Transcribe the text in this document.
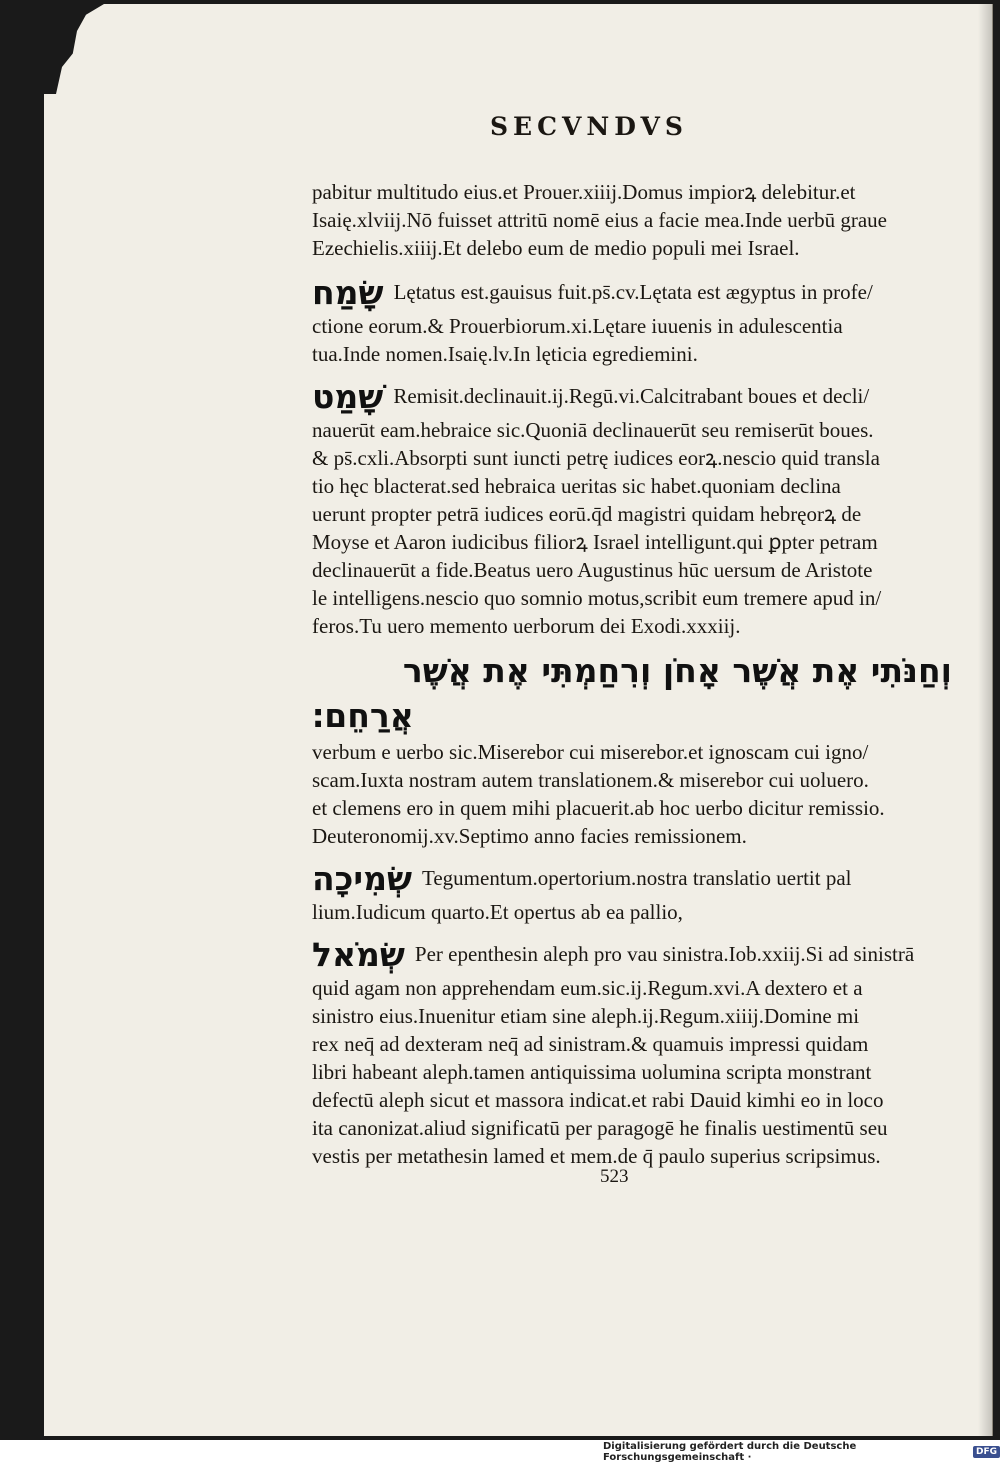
SECVNDVS
pabitur multitudo eius.et Prouer.xiiij.Domus impiorꝝ delebitur.et
Isaię.xlviij.Nō fuisset attritū nomē eius a facie mea.Inde uerbū graue
Ezechielis.xiiij.Et delebo eum de medio populi mei Israel.
שָׂמַח Lętatus est.gauisus fuit.ps̄.cv.Lętata est ægyptus in profe/
ctione eorum.& Prouerbiorum.xi.Lętare iuuenis in adulescentia
tua.Inde nomen.Isaię.lv.In lęticia egrediemini.
שָׁמַט Remisit.declinauit.ij.Regū.vi.Calcitrabant boues et decli/
nauerūt eam.hebraice sic.Quoniā declinauerūt seu remiserūt boues.
& ps̄.cxli.Absorpti sunt iuncti petrę iudices eorꝝ.nescio quid transla
tio hęc blacterat.sed hebraica ueritas sic habet.quoniam declina
uerunt propter petrā iudices eorū.q̄d magistri quidam hebręorꝝ de
Moyse et Aaron iudicibus filiorꝝ Israel intelligunt.qui ꝑpter petram
declinauerūt a fide.Beatus uero Augustinus hūc uersum de Aristote
le intelligens.nescio quo somnio motus,scribit eum tremere apud in/
feros.Tu uero memento uerborum dei Exodi.xxxiij.
וְחַנֹּתִי אֶת אֲשֶׁר אָחֹן וְרִחַמְתִּי אֶת אֲשֶׁר
אֲרַחֵם׃
verbum e uerbo sic.Miserebor cui miserebor.et ignoscam cui igno/
scam.Iuxta nostram autem translationem.& miserebor cui uoluero.
et clemens ero in quem mihi placuerit.ab hoc uerbo dicitur remissio.
Deuteronomij.xv.Septimo anno facies remissionem.
שְׂמִיכָה Tegumentum.opertorium.nostra translatio uertit pal
lium.Iudicum quarto.Et opertus ab ea pallio,
שְׂמֹאל Per epenthesin aleph pro vau sinistra.Iob.xxiij.Si ad sinistrā
quid agam non apprehendam eum.sic.ij.Regum.xvi.A dextero et a
sinistro eius.Inuenitur etiam sine aleph.ij.Regum.xiiij.Domine mi
rex neq̄ ad dexteram neq̄ ad sinistram.& quamuis impressi quidam
libri habeant aleph.tamen antiquissima uolumina scripta monstrant
defectū aleph sicut et massora indicat.et rabi Dauid kimhi eo in loco
ita canonizat.aliud significatū per paragogē he finalis uestimentū seu
vestis per metathesin lamed et mem.de q̄ paulo superius scripsimus.

523

Digitalisierung gefördert durch die Deutsche Forschungsgemeinschaft ·	DFG
